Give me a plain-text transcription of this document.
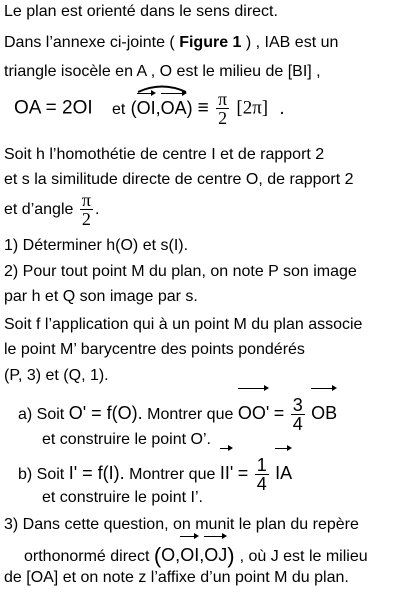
Le plan est orienté dans le sens direct.
Dans l’annexe ci-jointe ( Figure 1 ) , IAB est un
triangle isocèle en A , O est le milieu de [BI] ,
OA = 2OI et (
$OI,OA) \equiv \frac{\pi}{2} [2\pi]$ .
Soit h l’homothétie de centre I et de rapport 2
et s la similitude directe de centre O, de rapport 2
et d’angle $\frac{\pi}{2}$ .
1) Déterminer h(O) et s(I).
2) Pour tout point M du plan, on note P son image
par h et Q son image par s.
Soit f l’application qui à un point M du plan associe
le point M’ barycentre des points pondérés
(P, 3) et (Q, 1).
a) Soit O' = f(O). Montrer que $OO' = \frac{3}{4}$ OB
et construire le point O’.
b) Soit I' = f(I). Montrer que $II' = \frac{1}{4}$ IA
et construire le point I’.
3) Dans cette question, on munit le plan du repère
orthonormé direct (O,OI,OJ) , où J est le milieu
de [OA] et on note z l’affixe d’un point M du plan.
